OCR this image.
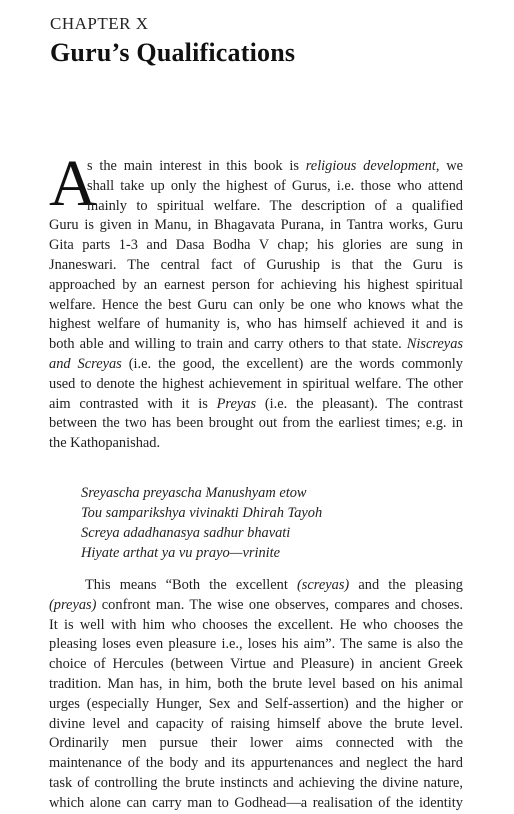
CHAPTER X
Guru’s Qualifications
A
s the main interest in this book is religious development, we
shall take up only the highest of Gurus, i.e. those who attend
mainly to spiritual welfare. The description of a qualified
Guru is given in Manu, in Bhagavata Purana, in Tantra works, Guru
Gita parts 1-3 and Dasa Bodha V chap; his glories are sung in
Jnaneswari. The central fact of Guruship is that the Guru is
approached by an earnest person for achieving his highest spiritual
welfare. Hence the best Guru can only be one who knows what the
highest welfare of humanity is, who has himself achieved it and is
both able and willing to train and carry others to that state. Niscreyas
and Screyas (i.e. the good, the excellent) are the words commonly
used to denote the highest achievement in spiritual welfare. The other
aim contrasted with it is Preyas (i.e. the pleasant). The contrast
between the two has been brought out from the earliest times; e.g. in
the Kathopanishad.
Sreyascha preyascha Manushyam etow
Tou samparikshya vivinakti Dhirah Tayoh
Screya adadhanasya sadhur bhavati
Hiyate arthat ya vu prayo—vrinite
This means “Both the excellent (screyas) and the pleasing
(preyas) confront man. The wise one observes, compares and choses.
It is well with him who chooses the excellent. He who chooses the
pleasing loses even pleasure i.e., loses his aim”. The same is also the
choice of Hercules (between Virtue and Pleasure) in ancient Greek
tradition. Man has, in him, both the brute level based on his animal
urges (especially Hunger, Sex and Self-assertion) and the higher or
divine level and capacity of raising himself above the brute level.
Ordinarily men pursue their lower aims connected with the
maintenance of the body and its appurtenances and neglect the hard
task of controlling the brute instincts and achieving the divine nature,
which alone can carry man to Godhead—a realisation of the identity
